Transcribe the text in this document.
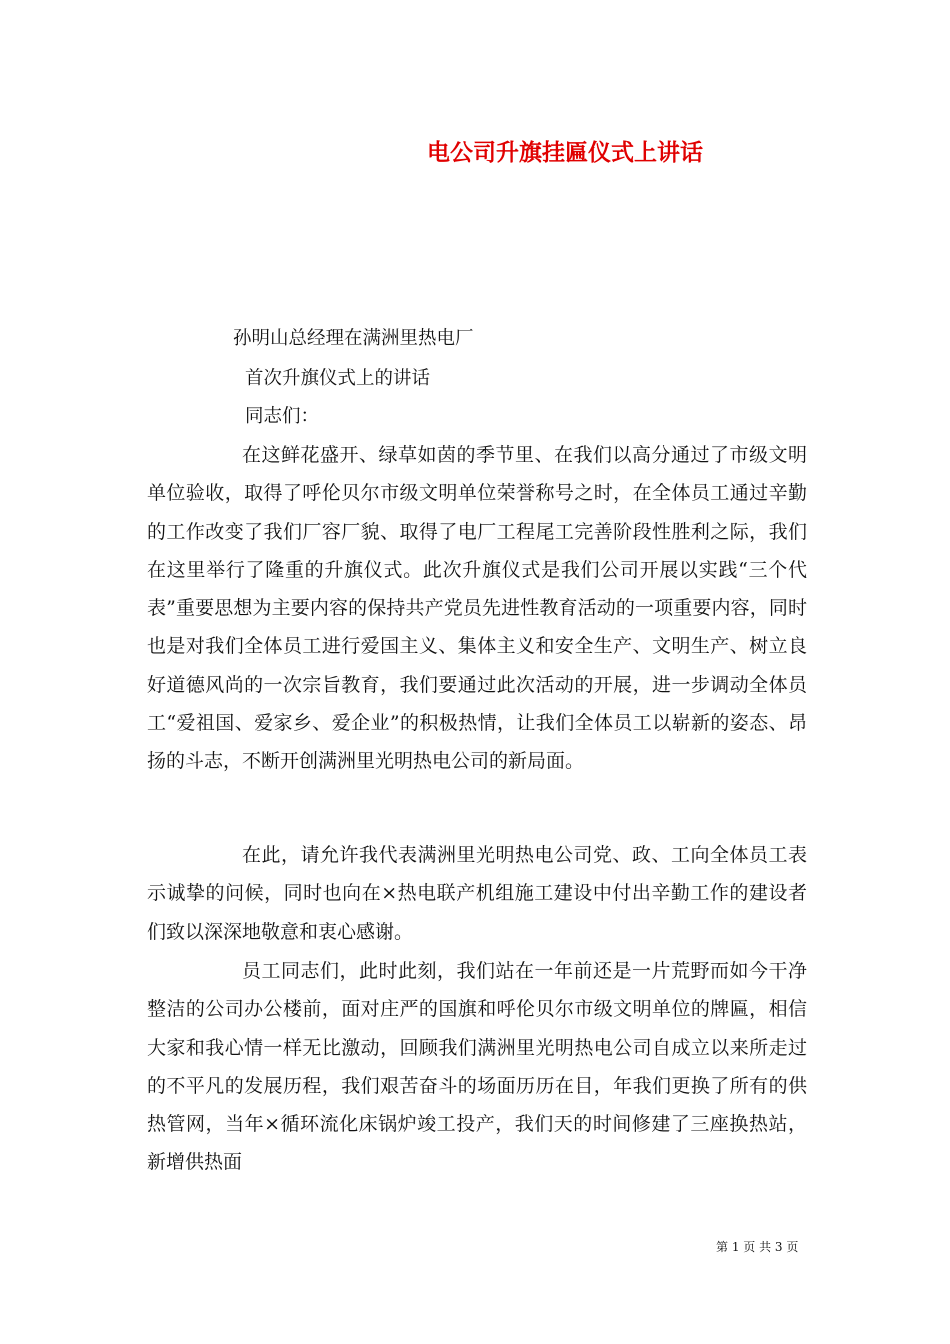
电公司升旗挂匾仪式上讲话
孙明山总经理在满洲里热电厂
首次升旗仪式上的讲话
同志们：

在这鲜花盛开、绿草如茵的季节里、在我们以高分通过了市级文明单位验收，取得了呼伦贝尔市级文明单位荣誉称号之时，在全体员工通过辛勤的工作改变了我们厂容厂貌、取得了电厂工程尾工完善阶段性胜利之际，我们在这里举行了隆重的升旗仪式。此次升旗仪式是我们公司开展以实践“三个代表”重要思想为主要内容的保持共产党员先进性教育活动的一项重要内容，同时也是对我们全体员工进行爱国主义、集体主义和安全生产、文明生产、树立良好道德风尚的一次宗旨教育，我们要通过此次活动的开展，进一步调动全体员工“爱祖国、爱家乡、爱企业”的积极热情，让我们全体员工以崭新的姿态、昂扬的斗志，不断开创满洲里光明热电公司的新局面。

在此，请允许我代表满洲里光明热电公司党、政、工向全体员工表示诚挚的问候，同时也向在×热电联产机组施工建设中付出辛勤工作的建设者们致以深深地敬意和衷心感谢。

员工同志们，此时此刻，我们站在一年前还是一片荒野而如今干净整洁的公司办公楼前，面对庄严的国旗和呼伦贝尔市级文明单位的牌匾，相信大家和我心情一样无比激动，回顾我们满洲里光明热电公司自成立以来所走过的不平凡的发展历程，我们艰苦奋斗的场面历历在目，年我们更换了所有的供热管网，当年×循环流化床锅炉竣工投产，我们天的时间修建了三座换热站，新增供热面

第 1 页 共 3 页
